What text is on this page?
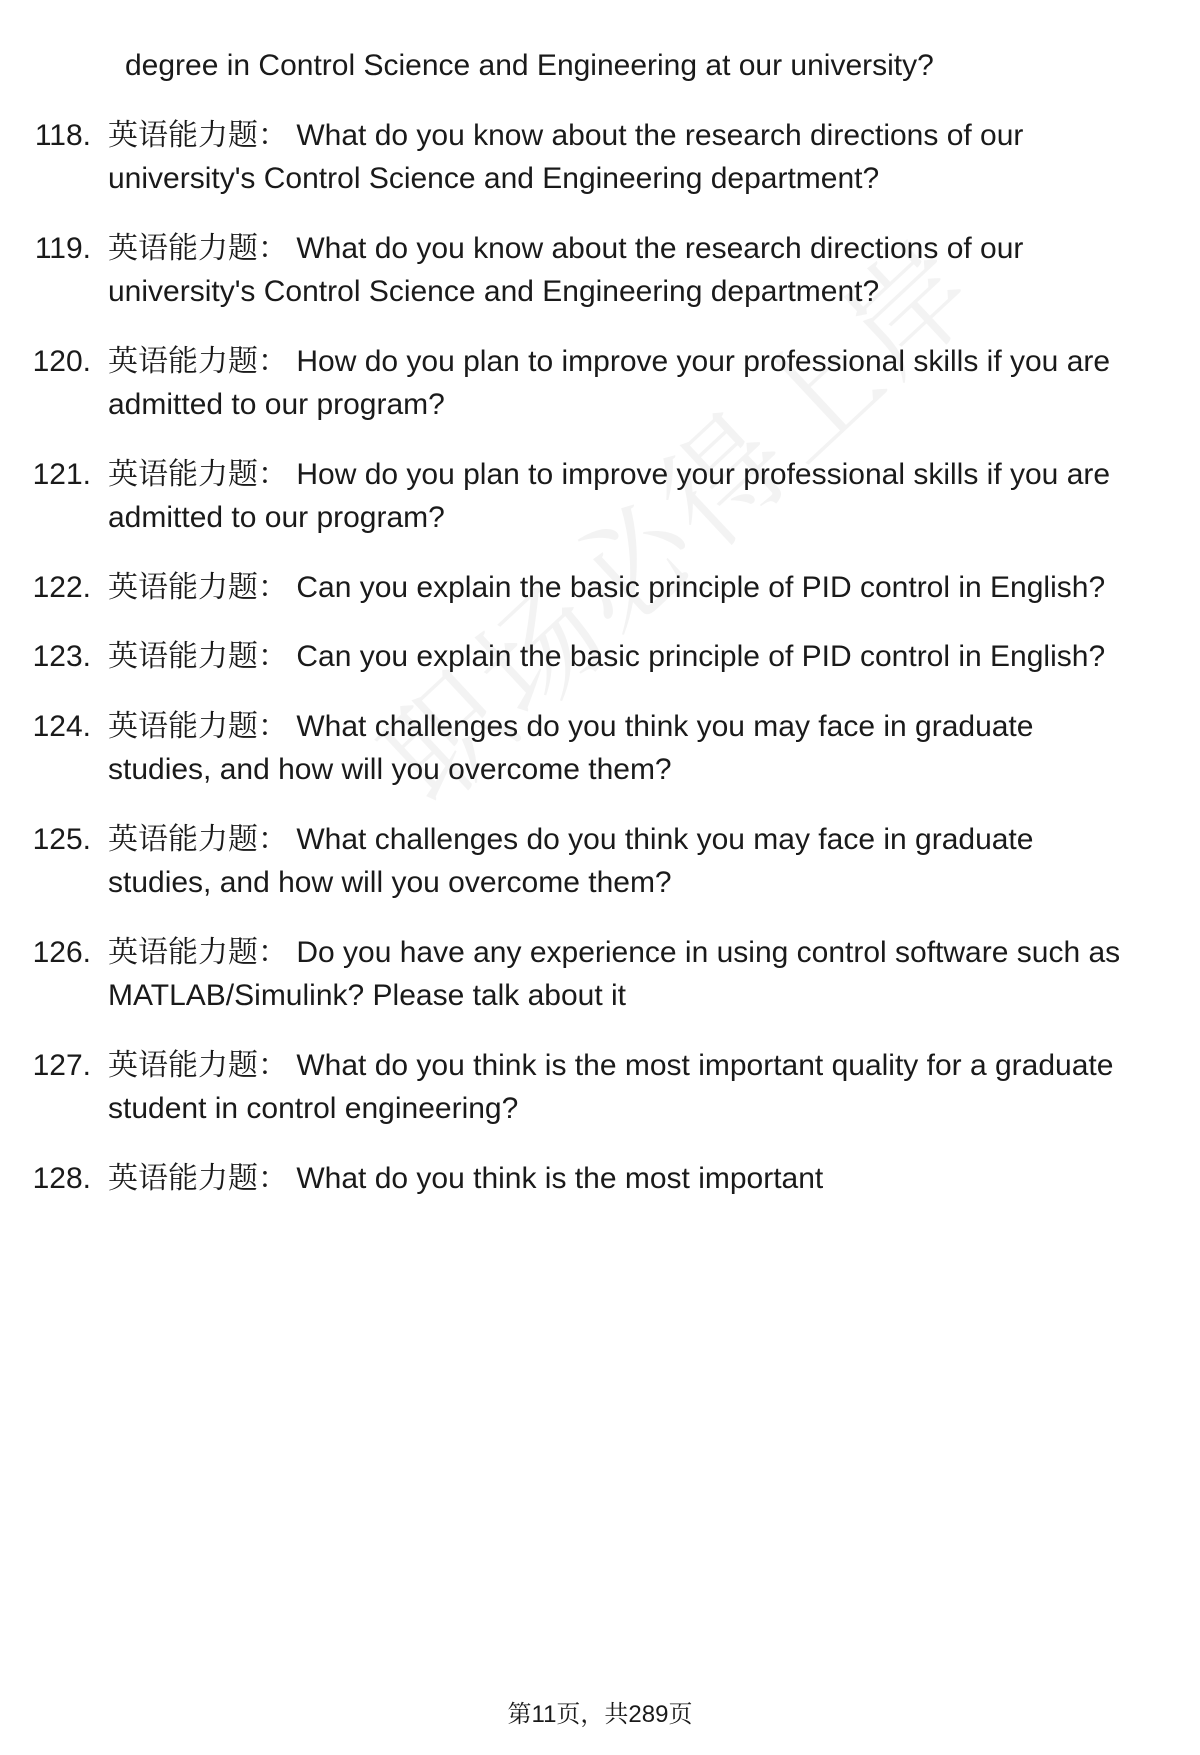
degree in Control Science and Engineering at our university?

118. 英语能力题： What do you know about the research directions of our university's Control Science and Engineering department?
119. 英语能力题： What do you know about the research directions of our university's Control Science and Engineering department?
120. 英语能力题： How do you plan to improve your professional skills if you are admitted to our program?
121. 英语能力题： How do you plan to improve your professional skills if you are admitted to our program?
122. 英语能力题： Can you explain the basic principle of PID control in English?
123. 英语能力题： Can you explain the basic principle of PID control in English?
124. 英语能力题： What challenges do you think you may face in graduate studies, and how will you overcome them?
125. 英语能力题： What challenges do you think you may face in graduate studies, and how will you overcome them?
126. 英语能力题： Do you have any experience in using control software such as MATLAB/Simulink? Please talk about it
127. 英语能力题： What do you think is the most important quality for a graduate student in control engineering?
128. 英语能力题： What do you think is the most important
第11页，共289页
